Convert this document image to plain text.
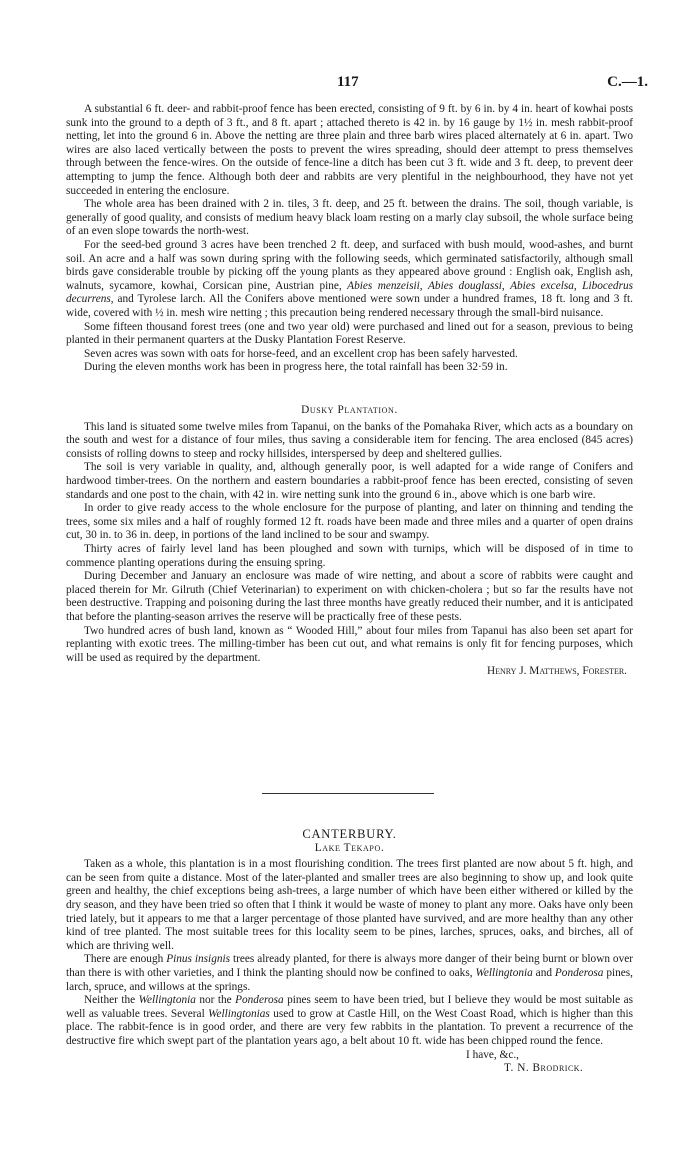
117	C.—1.

A substantial 6 ft. deer- and rabbit-proof fence has been erected, consisting of 9 ft. by 6 in. by 4 in. heart of kowhai posts sunk into the ground to a depth of 3 ft., and 8 ft. apart ; attached thereto is 42 in. by 16 gauge by 1½ in. mesh rabbit-proof netting, let into the ground 6 in. Above the netting are three plain and three barb wires placed alternately at 6 in. apart. Two wires are also laced vertically between the posts to prevent the wires spreading, should deer attempt to press themselves through between the fence-wires. On the outside of fence-line a ditch has been cut 3 ft. wide and 3 ft. deep, to prevent deer attempting to jump the fence. Although both deer and rabbits are very plentiful in the neighbourhood, they have not yet succeeded in entering the enclosure.

The whole area has been drained with 2 in. tiles, 3 ft. deep, and 25 ft. between the drains. The soil, though variable, is generally of good quality, and consists of medium heavy black loam resting on a marly clay subsoil, the whole surface being of an even slope towards the north-west.

For the seed-bed ground 3 acres have been trenched 2 ft. deep, and surfaced with bush mould, wood-ashes, and burnt soil. An acre and a half was sown during spring with the following seeds, which germinated satisfactorily, although small birds gave considerable trouble by picking off the young plants as they appeared above ground : English oak, English ash, walnuts, sycamore, kowhai, Corsican pine, Austrian pine, Abies menzeisii, Abies douglassi, Abies excelsa, Libocedrus decurrens, and Tyrolese larch. All the Conifers above mentioned were sown under a hundred frames, 18 ft. long and 3 ft. wide, covered with ½ in. mesh wire netting ; this precaution being rendered necessary through the small-bird nuisance.

Some fifteen thousand forest trees (one and two year old) were purchased and lined out for a season, previous to being planted in their permanent quarters at the Dusky Plantation Forest Reserve.

Seven acres was sown with oats for horse-feed, and an excellent crop has been safely harvested.

During the eleven months work has been in progress here, the total rainfall has been 32·59 in.

Dusky Plantation.

This land is situated some twelve miles from Tapanui, on the banks of the Pomahaka River, which acts as a boundary on the south and west for a distance of four miles, thus saving a considerable item for fencing. The area enclosed (845 acres) consists of rolling downs to steep and rocky hillsides, interspersed by deep and sheltered gullies.

The soil is very variable in quality, and, although generally poor, is well adapted for a wide range of Conifers and hardwood timber-trees. On the northern and eastern boundaries a rabbit-proof fence has been erected, consisting of seven standards and one post to the chain, with 42 in. wire netting sunk into the ground 6 in., above which is one barb wire.

In order to give ready access to the whole enclosure for the purpose of planting, and later on thinning and tending the trees, some six miles and a half of roughly formed 12 ft. roads have been made and three miles and a quarter of open drains cut, 30 in. to 36 in. deep, in portions of the land inclined to be sour and swampy.

Thirty acres of fairly level land has been ploughed and sown with turnips, which will be disposed of in time to commence planting operations during the ensuing spring.

During December and January an enclosure was made of wire netting, and about a score of rabbits were caught and placed therein for Mr. Gilruth (Chief Veterinarian) to experiment on with chicken-cholera ; but so far the results have not been destructive. Trapping and poisoning during the last three months have greatly reduced their number, and it is anticipated that before the planting-season arrives the reserve will be practically free of these pests.

Two hundred acres of bush land, known as “ Wooded Hill,” about four miles from Tapanui has also been set apart for replanting with exotic trees. The milling-timber has been cut out, and what remains is only fit for fencing purposes, which will be used as required by the department.

Henry J. Matthews, Forester.

CANTERBURY.

Lake Tekapo.

Taken as a whole, this plantation is in a most flourishing condition. The trees first planted are now about 5 ft. high, and can be seen from quite a distance. Most of the later-planted and smaller trees are also beginning to show up, and look quite green and healthy, the chief exceptions being ash-trees, a large number of which have been either withered or killed by the dry season, and they have been tried so often that I think it would be waste of money to plant any more. Oaks have only been tried lately, but it appears to me that a larger percentage of those planted have survived, and are more healthy than any other kind of tree planted. The most suitable trees for this locality seem to be pines, larches, spruces, oaks, and birches, all of which are thriving well.

There are enough Pinus insignis trees already planted, for there is always more danger of their being burnt or blown over than there is with other varieties, and I think the planting should now be confined to oaks, Wellingtonia and Ponderosa pines, larch, spruce, and willows at the springs.

Neither the Wellingtonia nor the Ponderosa pines seem to have been tried, but I believe they would be most suitable as well as valuable trees. Several Wellingtonias used to grow at Castle Hill, on the West Coast Road, which is higher than this place. The rabbit-fence is in good order, and there are very few rabbits in the plantation. To prevent a recurrence of the destructive fire which swept part of the plantation years ago, a belt about 10 ft. wide has been chipped round the fence.

I have, &c.,

T. N. Brodrick.
